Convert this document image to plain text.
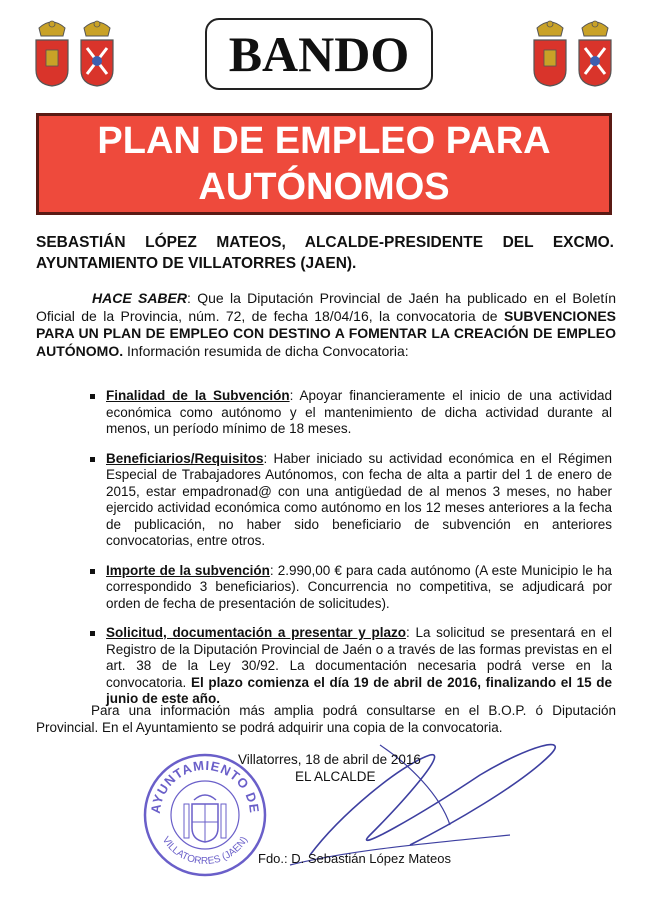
BANDO
PLAN DE EMPLEO PARA
AUTÓNOMOS
SEBASTIÁN LÓPEZ MATEOS, ALCALDE-PRESIDENTE DEL EXCMO.
AYUNTAMIENTO DE VILLATORRES (JAEN).
HACE SABER: Que la Diputación Provincial de Jaén ha publicado en el Boletín Oficial de la Provincia, núm. 72, de fecha 18/04/16, la convocatoria de SUBVENCIONES PARA UN PLAN DE EMPLEO CON DESTINO A FOMENTAR LA CREACIÓN DE EMPLEO AUTÓNOMO. Información resumida de dicha Convocatoria:
Finalidad de la Subvención: Apoyar financieramente el inicio de una actividad económica como autónomo y el mantenimiento de dicha actividad durante al menos, un período mínimo de 18 meses.
Beneficiarios/Requisitos: Haber iniciado su actividad económica en el Régimen Especial de Trabajadores Autónomos, con fecha de alta a partir del 1 de enero de 2015, estar empadronad@ con una antigüedad de al menos 3 meses, no haber ejercido actividad económica como autónomo en los 12 meses anteriores a la fecha de publicación, no haber sido beneficiario de subvención en anteriores convocatorias, entre otros.
Importe de la subvención: 2.990,00 € para cada autónomo (A este Municipio le ha correspondido 3 beneficiarios). Concurrencia no competitiva, se adjudicará por orden de fecha de presentación de solicitudes).
Solicitud, documentación a presentar y plazo: La solicitud se presentará en el Registro de la Diputación Provincial de Jaén o a través de las formas previstas en el art. 38 de la Ley 30/92. La documentación necesaria podrá verse en la convocatoria. El plazo comienza el día 19 de abril de 2016, finalizando el 15 de junio de este año.
Para una información más amplia podrá consultarse en el B.O.P. ó Diputación Provincial. En el Ayuntamiento se podrá adquirir una copia de la convocatoria.
AYUNTAMIENTO DE
VILLATORRES (JAEN)
Villatorres, 18 de abril de 2016
EL ALCALDE
Fdo.: D. Sebastián López Mateos
